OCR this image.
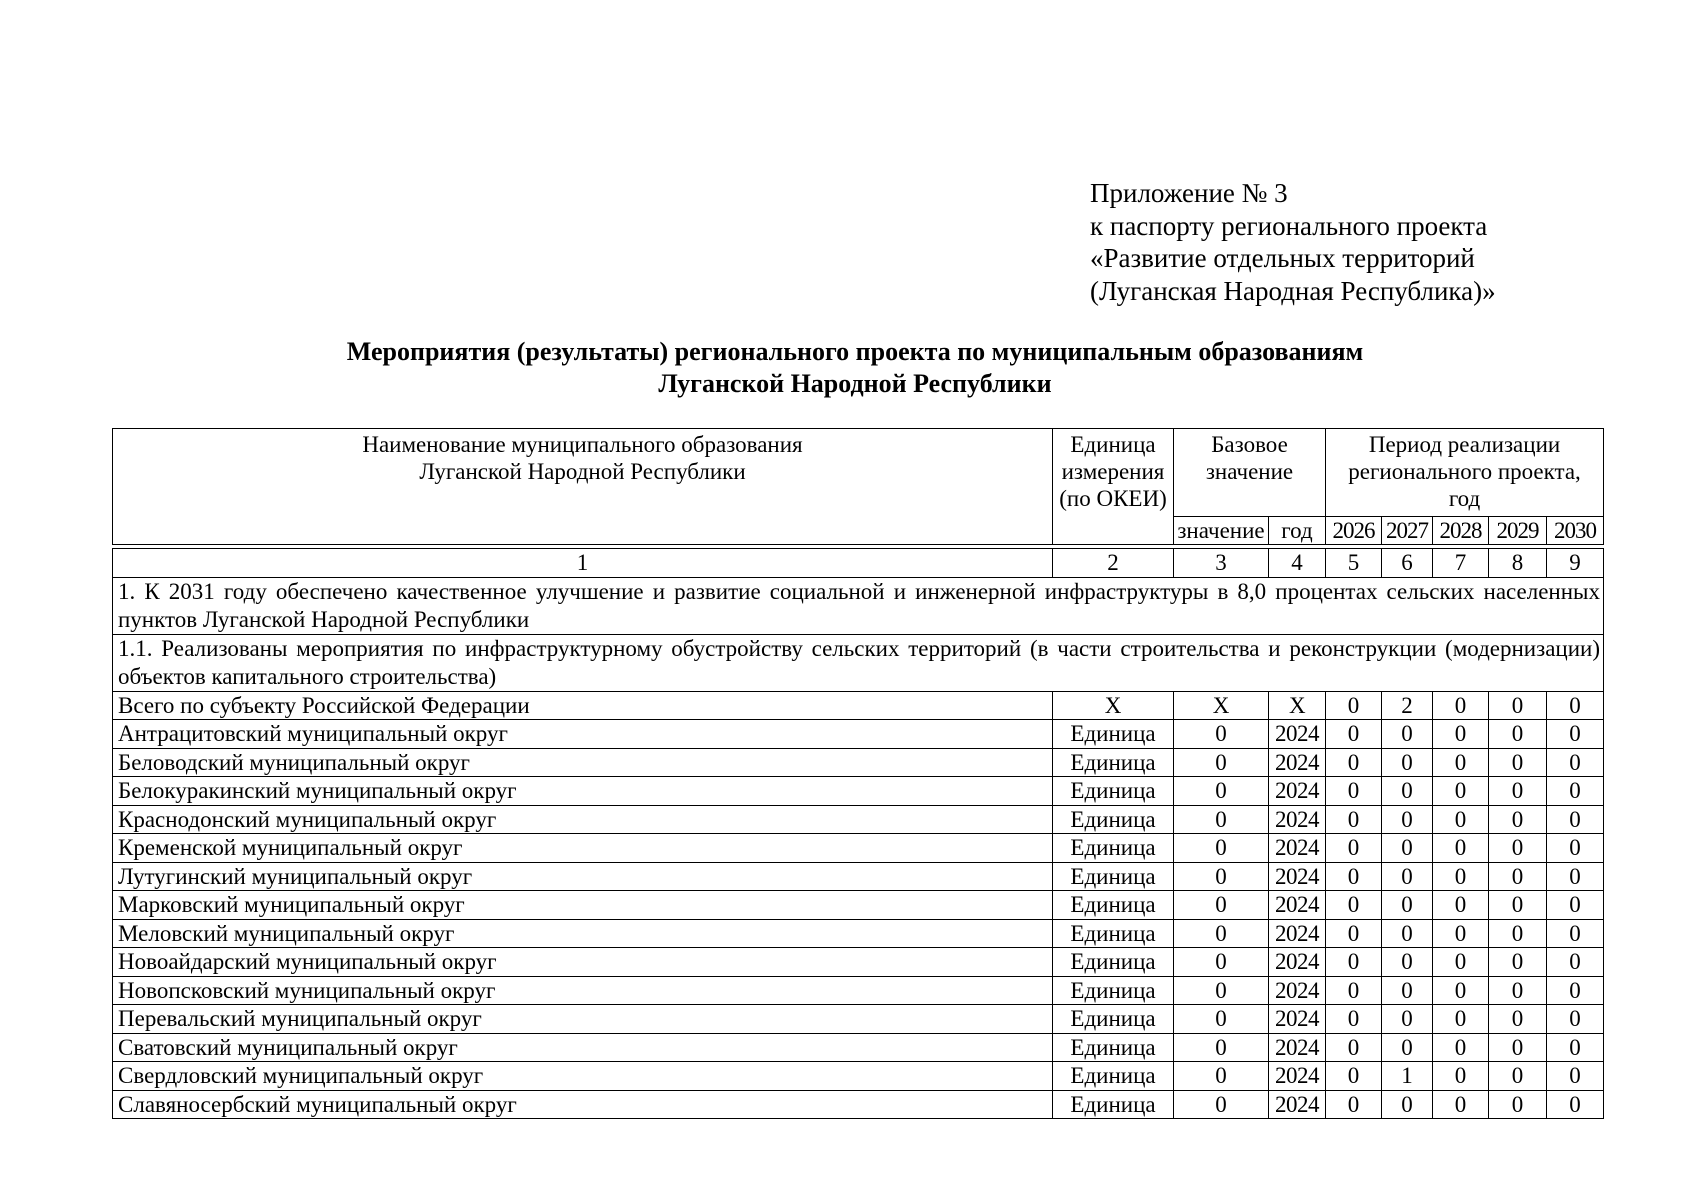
Приложение № 3
к паспорту регионального проекта
«Развитие отдельных территорий
(Луганская Народная Республика)»
Мероприятия (результаты) регионального проекта по муниципальным образованиям
Луганской Народной Республики
Наименование муниципального образования Луганской Народной Республики	Единица измерения (по ОКЕИ)	Базовое значение		Период реализации регионального проекта, год				
		значение	год	2026	2027	2028	2029	2030
1	2	3	4	5	6	7	8	9
1. К 2031 году обеспечено качественное улучшение и развитие социальной и инженерной инфраструктуры в 8,0 процентах сельских населенных пунктов Луганской Народной Республики								
1.1. Реализованы мероприятия по инфраструктурному обустройству сельских территорий (в части строительства и реконструкции (модернизации) объектов капитального строительства)								
Всего по субъекту Российской Федерации	X	X	X	0	2	0	0	0
Антрацитовский муниципальный округ	Единица	0	2024	0	0	0	0	0
Беловодский муниципальный округ	Единица	0	2024	0	0	0	0	0
Белокуракинский муниципальный округ	Единица	0	2024	0	0	0	0	0
Краснодонский муниципальный округ	Единица	0	2024	0	0	0	0	0
Кременской муниципальный округ	Единица	0	2024	0	0	0	0	0
Лутугинский муниципальный округ	Единица	0	2024	0	0	0	0	0
Марковский муниципальный округ	Единица	0	2024	0	0	0	0	0
Меловский муниципальный округ	Единица	0	2024	0	0	0	0	0
Новоайдарский муниципальный округ	Единица	0	2024	0	0	0	0	0
Новопсковский муниципальный округ	Единица	0	2024	0	0	0	0	0
Перевальский муниципальный округ	Единица	0	2024	0	0	0	0	0
Сватовский муниципальный округ	Единица	0	2024	0	0	0	0	0
Свердловский муниципальный округ	Единица	0	2024	0	1	0	0	0
Славяносербский муниципальный округ	Единица	0	2024	0	0	0	0	0
